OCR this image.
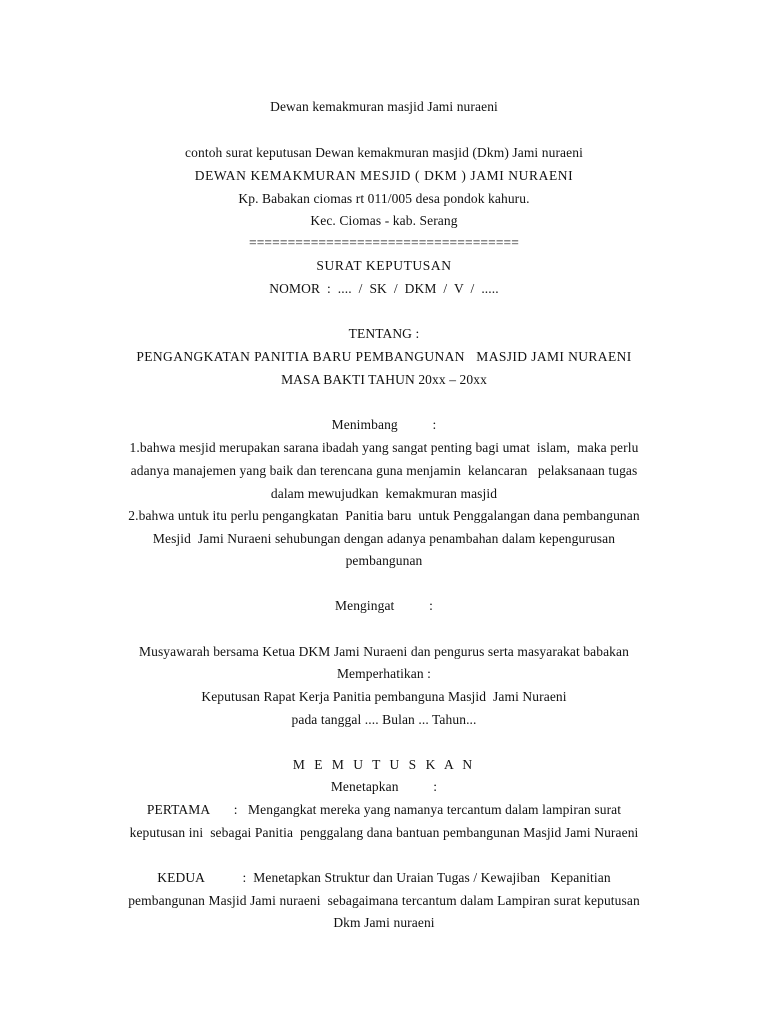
Dewan kemakmuran masjid Jami nuraeni
contoh surat keputusan Dewan kemakmuran masjid (Dkm) Jami nuraeni
DEWAN KEMAKMURAN MESJID ( DKM ) JAMI NURAENI
Kp. Babakan ciomas rt 011/005 desa pondok kahuru.
Kec. Ciomas - kab. Serang
===================================
SURAT KEPUTUSAN
NOMOR  :  ....  /  SK  /  DKM  /  V  /  .....
TENTANG :
PENGANGKATAN PANITIA BARU PEMBANGUNAN   MASJID JAMI NURAENI
MASA BAKTI TAHUN 20xx – 20xx
Menimbang          :
1.bahwa mesjid merupakan sarana ibadah yang sangat penting bagi umat  islam,  maka perlu
adanya manajemen yang baik dan terencana guna menjamin  kelancaran   pelaksanaan tugas
dalam mewujudkan  kemakmuran masjid
2.bahwa untuk itu perlu pengangkatan  Panitia baru  untuk Penggalangan dana pembangunan
Mesjid  Jami Nuraeni sehubungan dengan adanya penambahan dalam kepengurusan
pembangunan
Mengingat          :
Musyawarah bersama Ketua DKM Jami Nuraeni dan pengurus serta masyarakat babakan
Memperhatikan :
Keputusan Rapat Kerja Panitia pembanguna Masjid  Jami Nuraeni
pada tanggal .... Bulan ... Tahun...
M E M U T U S K A N
Menetapkan          :
PERTAMA       :   Mengangkat mereka yang namanya tercantum dalam lampiran surat
keputusan ini  sebagai Panitia  penggalang dana bantuan pembangunan Masjid Jami Nuraeni
KEDUA           :  Menetapkan Struktur dan Uraian Tugas / Kewajiban   Kepanitian
pembangunan Masjid Jami nuraeni  sebagaimana tercantum dalam Lampiran surat keputusan
Dkm Jami nuraeni
